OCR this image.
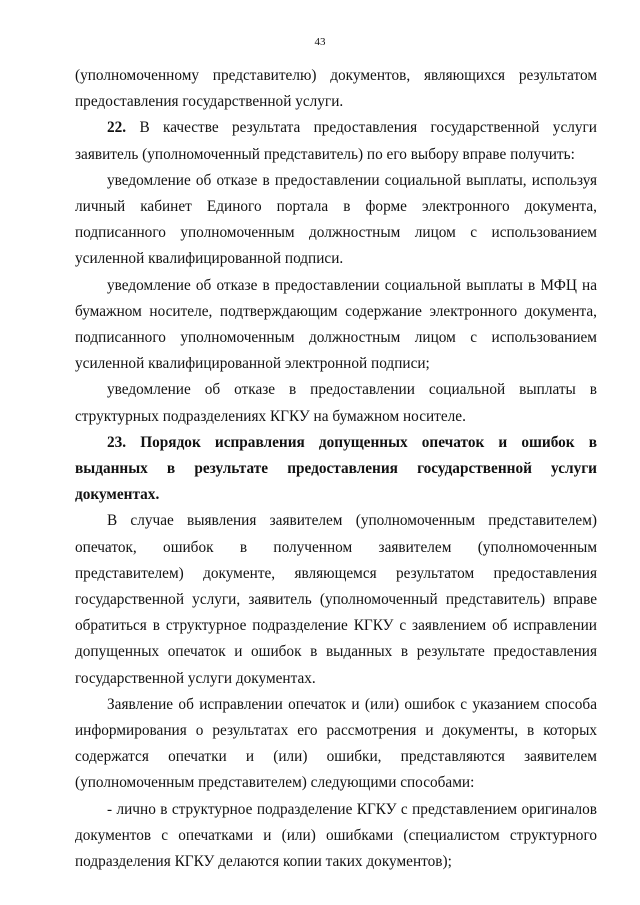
43

(уполномоченному представителю) документов, являющихся результатом предоставления государственной услуги.

22. В качестве результата предоставления государственной услуги заявитель (уполномоченный представитель) по его выбору вправе получить:

уведомление об отказе в предоставлении социальной выплаты, используя личный кабинет Единого портала в форме электронного документа, подписанного уполномоченным должностным лицом с использованием усиленной квалифицированной подписи.

уведомление об отказе в предоставлении социальной выплаты в МФЦ на бумажном носителе, подтверждающим содержание электронного документа, подписанного уполномоченным должностным лицом с использованием усиленной квалифицированной электронной подписи;

уведомление об отказе в предоставлении социальной выплаты в структурных подразделениях КГКУ на бумажном носителе.

23. Порядок исправления допущенных опечаток и ошибок в выданных в результате предоставления государственной услуги документах.

В случае выявления заявителем (уполномоченным представителем) опечаток, ошибок в полученном заявителем (уполномоченным представителем) документе, являющемся результатом предоставления государственной услуги, заявитель (уполномоченный представитель) вправе обратиться в структурное подразделение КГКУ с заявлением об исправлении допущенных опечаток и ошибок в выданных в результате предоставления государственной услуги документах.

Заявление об исправлении опечаток и (или) ошибок с указанием способа информирования о результатах его рассмотрения и документы, в которых содержатся опечатки и (или) ошибки, представляются заявителем (уполномоченным представителем) следующими способами:

- лично в структурное подразделение КГКУ с представлением оригиналов документов с опечатками и (или) ошибками (специалистом структурного подразделения КГКУ делаются копии таких документов);
